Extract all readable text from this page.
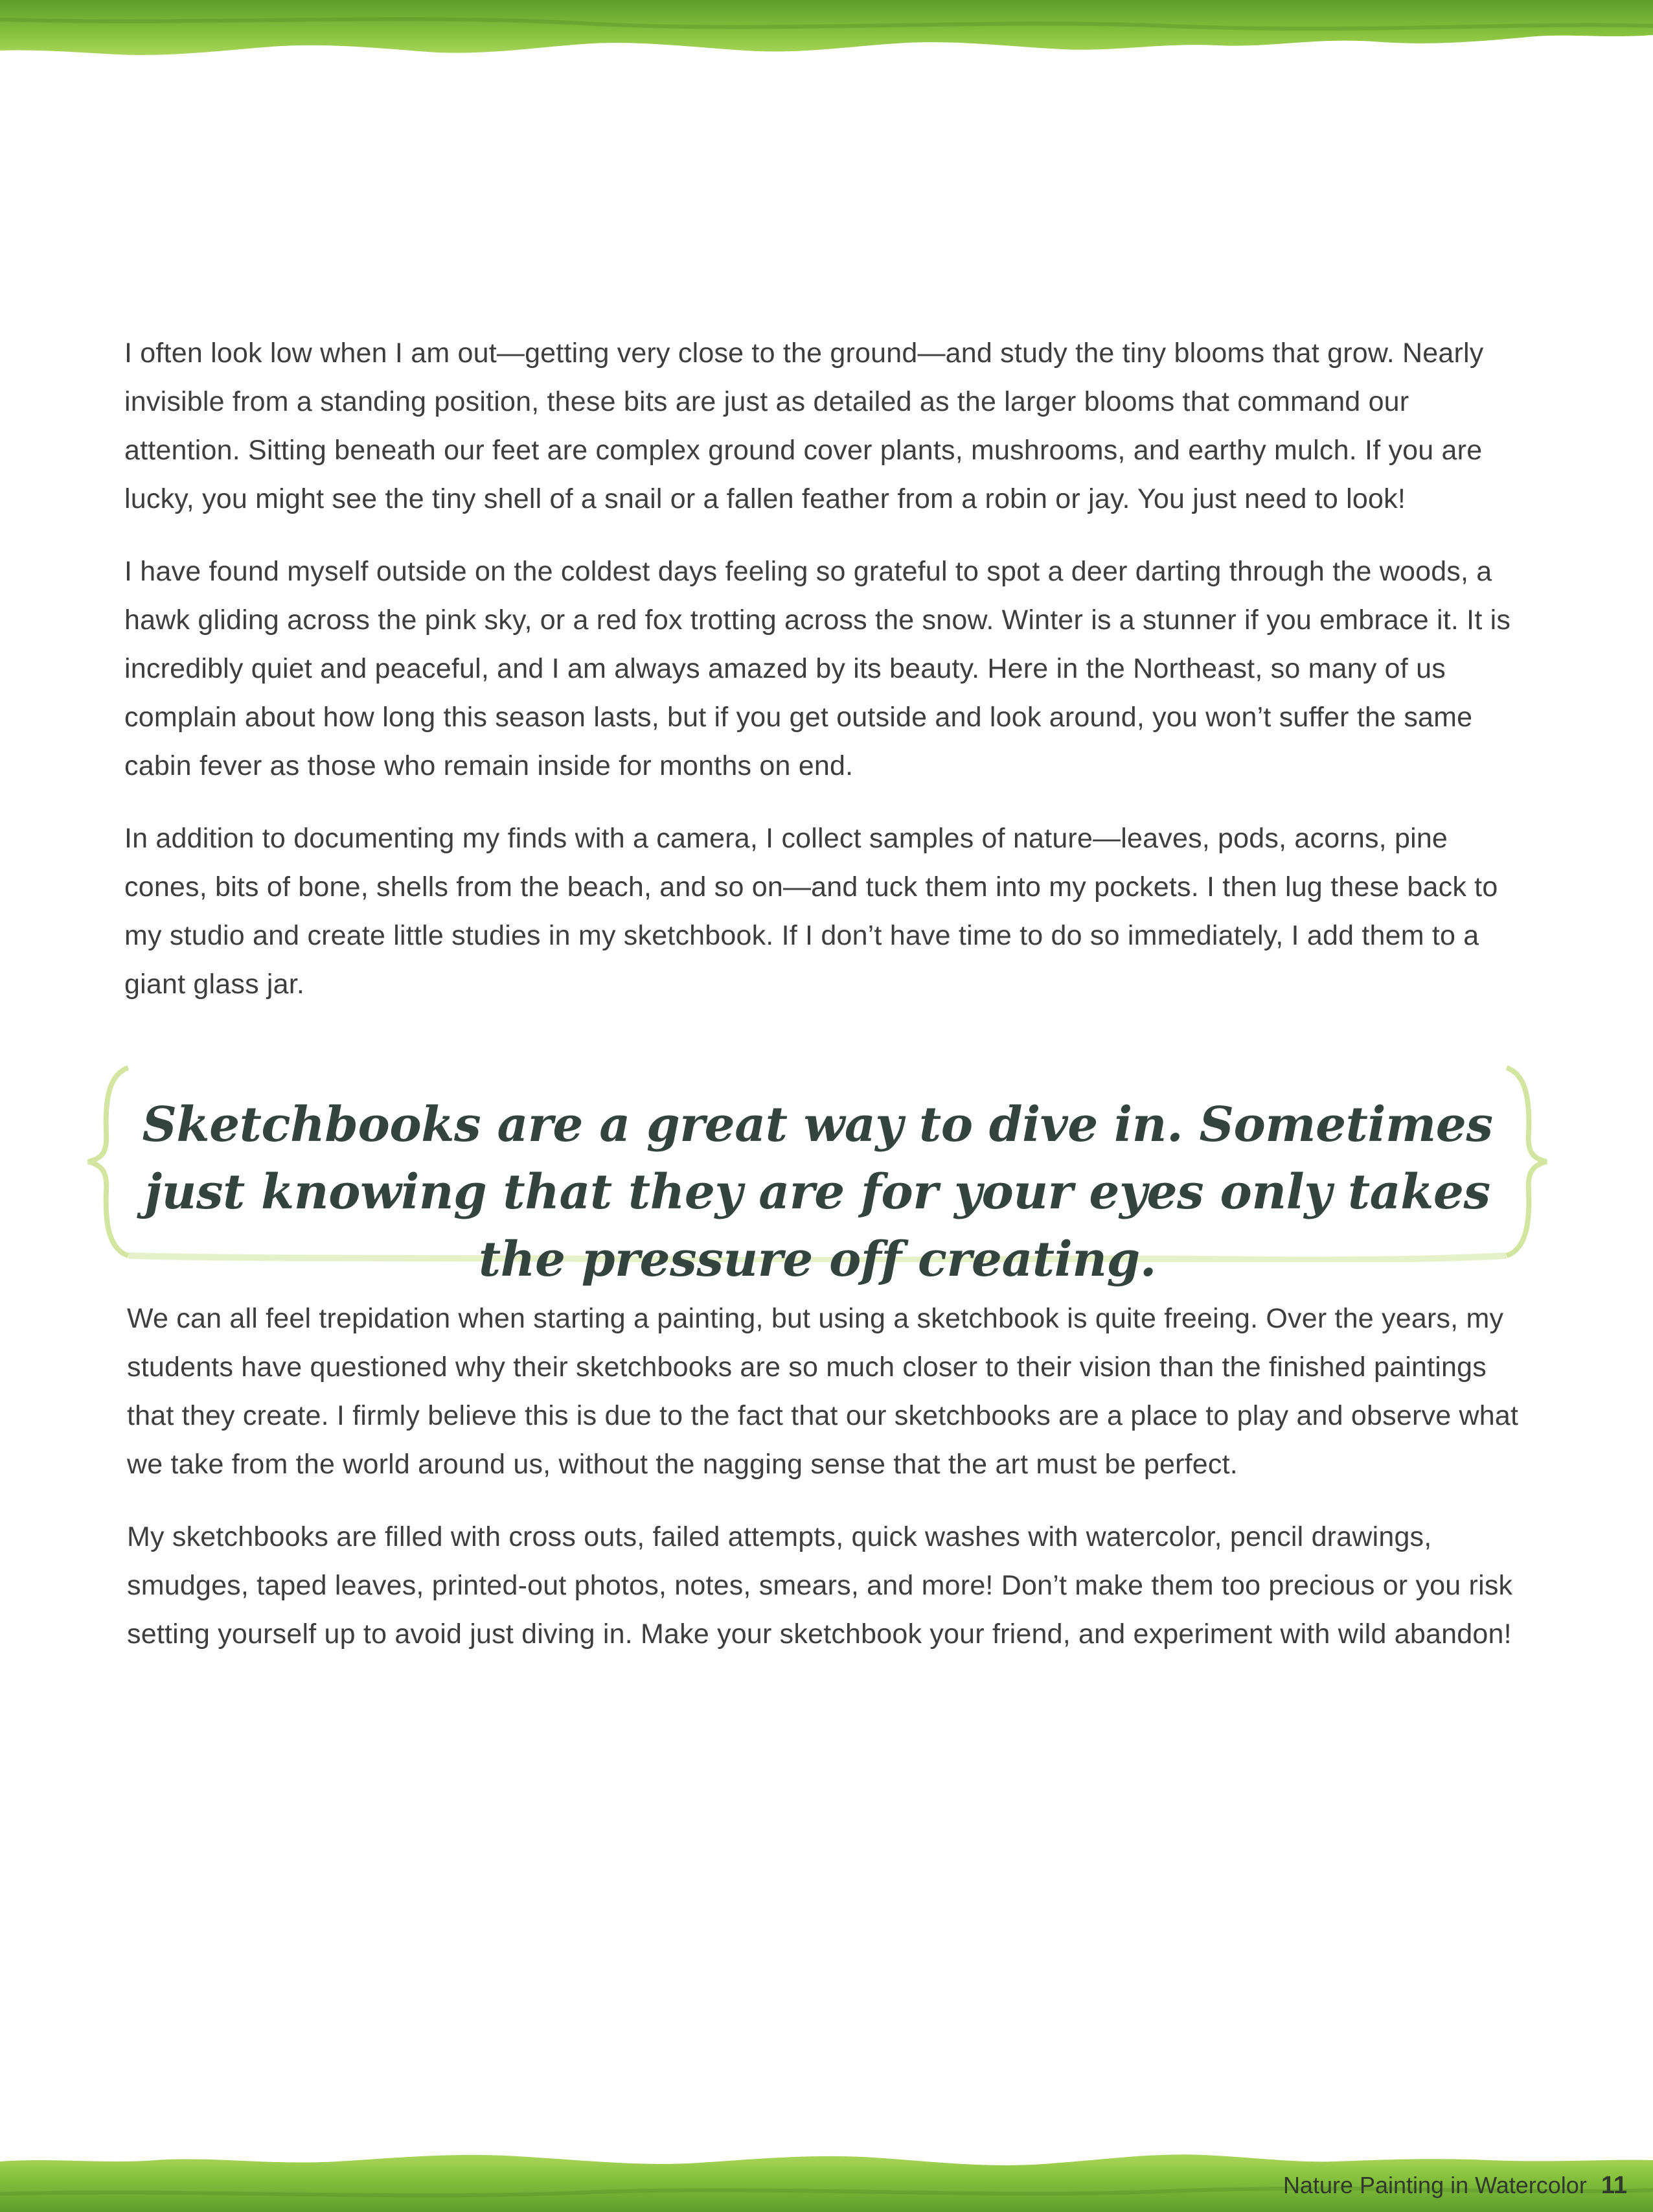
I often look low when I am out—getting very close to the ground—and study the tiny blooms that grow. Nearly invisible from a standing position, these bits are just as detailed as the larger blooms that command our attention. Sitting beneath our feet are complex ground cover plants, mushrooms, and earthy mulch. If you are lucky, you might see the tiny shell of a snail or a fallen feather from a robin or jay. You just need to look!

I have found myself outside on the coldest days feeling so grateful to spot a deer darting through the woods, a hawk gliding across the pink sky, or a red fox trotting across the snow. Winter is a stunner if you embrace it. It is incredibly quiet and peaceful, and I am always amazed by its beauty. Here in the Northeast, so many of us complain about how long this season lasts, but if you get outside and look around, you won’t suffer the same cabin fever as those who remain inside for months on end.

In addition to documenting my finds with a camera, I collect samples of nature—leaves, pods, acorns, pine cones, bits of bone, shells from the beach, and so on—and tuck them into my pockets. I then lug these back to my studio and create little studies in my sketchbook. If I don’t have time to do so immediately, I add them to a giant glass jar.

Sketchbooks are a great way to dive in. Sometimes just knowing that they are for your eyes only takes the pressure off creating.

We can all feel trepidation when starting a painting, but using a sketchbook is quite freeing. Over the years, my students have questioned why their sketchbooks are so much closer to their vision than the finished paintings that they create. I firmly believe this is due to the fact that our sketchbooks are a place to play and observe what we take from the world around us, without the nagging sense that the art must be perfect.

My sketchbooks are filled with cross outs, failed attempts, quick washes with watercolor, pencil drawings, smudges, taped leaves, printed-out photos, notes, smears, and more! Don’t make them too precious or you risk setting yourself up to avoid just diving in. Make your sketchbook your friend, and experiment with wild abandon!

Nature Painting in Watercolor 11
